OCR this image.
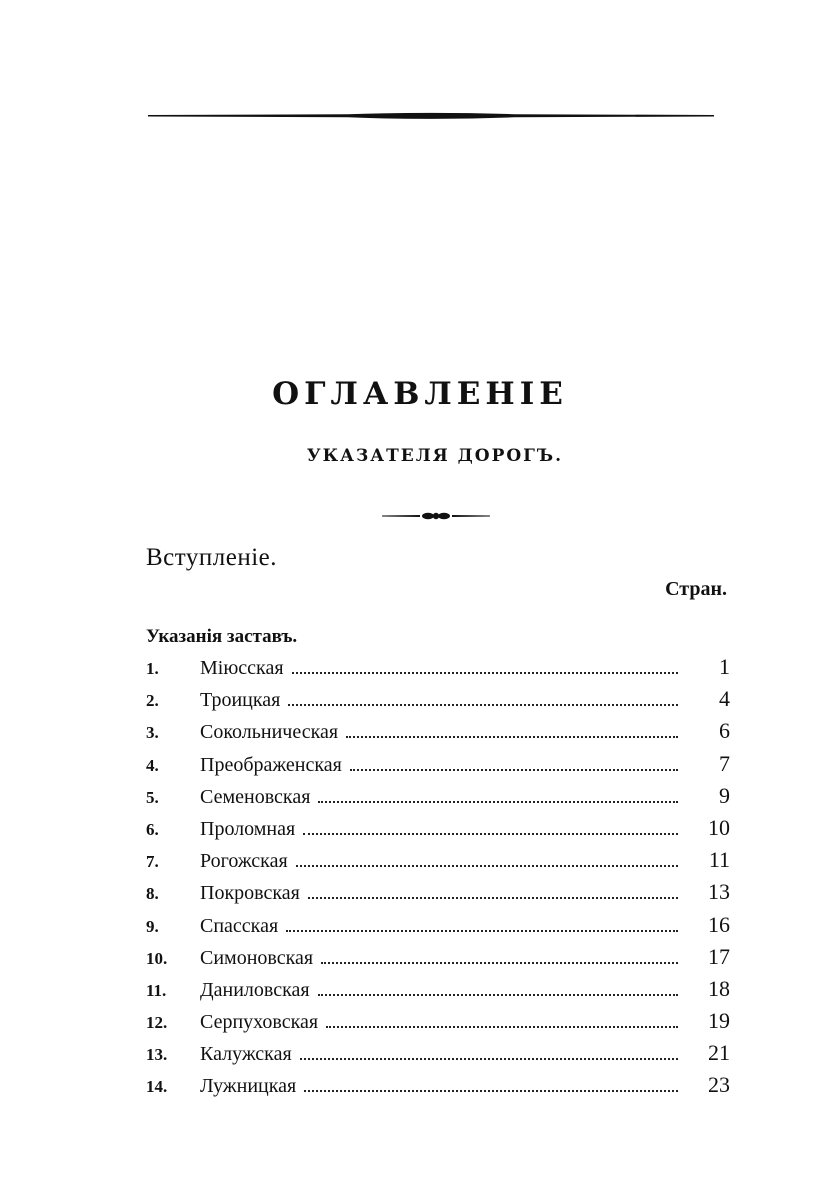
ОГЛАВЛЕНІЕ
УКАЗАТЕЛЯ ДОРОГЪ.
Вступленіе.
Стран.
Указанія заставъ.
1.	Міюсская	1
2.	Троицкая	4
3.	Сокольническая	6
4.	Преображенская	7
5.	Семеновская	9
6.	Проломная	10
7.	Рогожская	11
8.	Покровская	13
9.	Спасская	16
10.	Симоновская	17
11.	Даниловская	18
12.	Серпуховская	19
13.	Калужская	21
14.	Лужницкая	23
